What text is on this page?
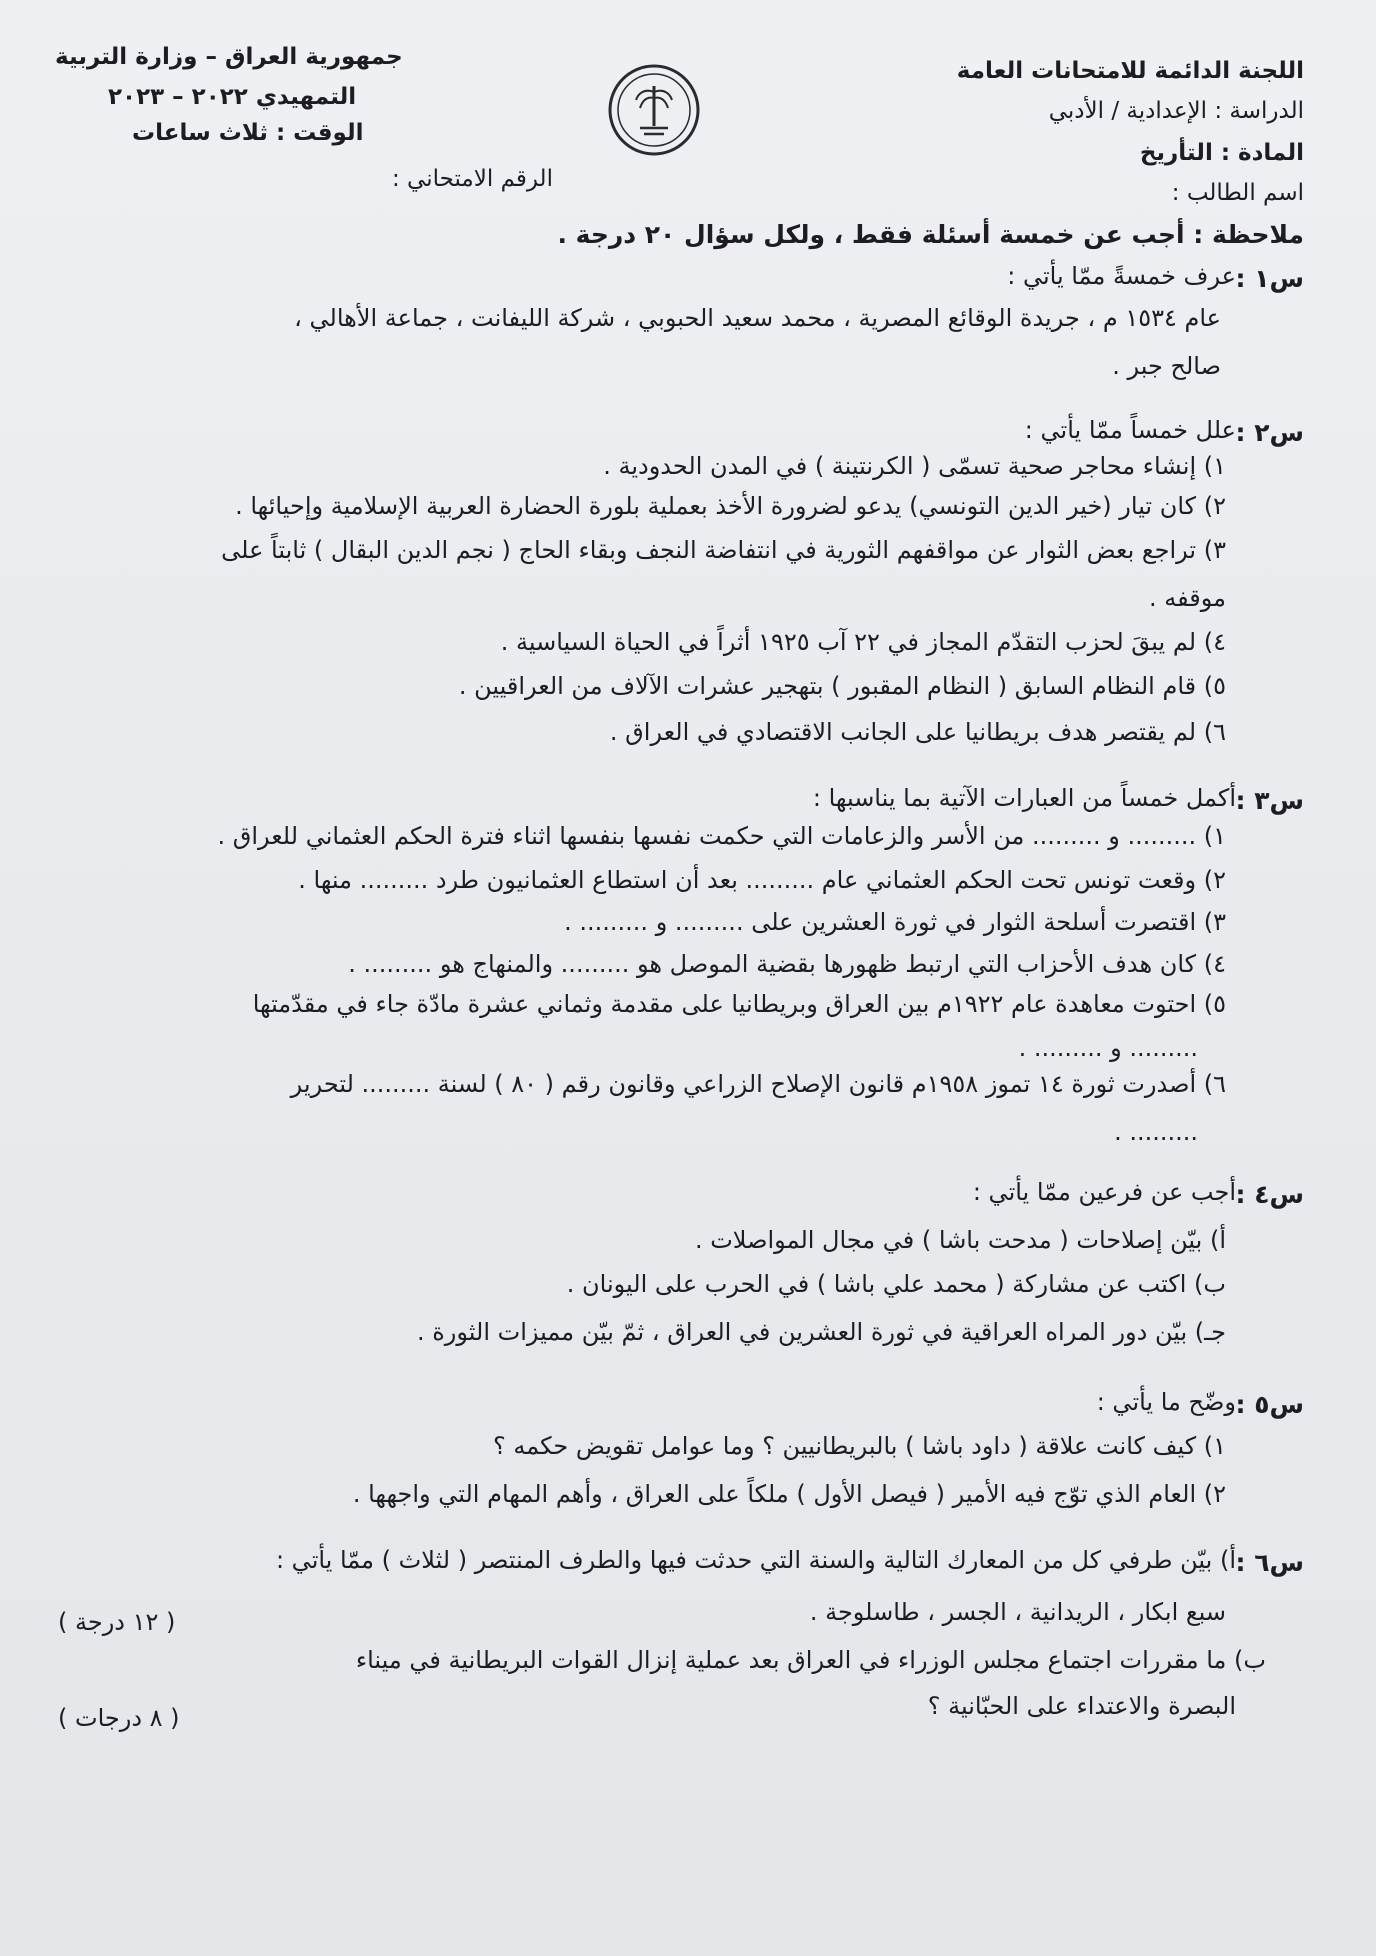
اللجنة الدائمة للامتحانات العامة
الدراسة : الإعدادية / الأدبي
المادة : التأريخ
اسم الطالب :
جمهورية العراق – وزارة التربية
التمهيدي ٢٠٢٢ – ٢٠٢٣
الوقت : ثلاث ساعات
الرقم الامتحاني :
ملاحظة : أجب عن خمسة أسئلة فقط ، ولكل سؤال ٢٠ درجة .
س١ :
عرف خمسةً ممّا يأتي :
عام ١٥٣٤ م ، جريدة الوقائع المصرية ، محمد سعيد الحبوبي ، شركة الليفانت ، جماعة الأهالي ،
صالح جبر .
س٢ :
علل خمساً ممّا يأتي :
١) إنشاء محاجر صحية تسمّى ( الكرنتينة ) في المدن الحدودية .
٢) كان تيار (خير الدين التونسي) يدعو لضرورة الأخذ بعملية بلورة الحضارة العربية الإسلامية وإحيائها .
٣) تراجع بعض الثوار عن مواقفهم الثورية في انتفاضة النجف وبقاء الحاج ( نجم الدين البقال ) ثابتاً على
موقفه .
٤) لم يبقَ لحزب التقدّم المجاز في ٢٢ آب ١٩٢٥ أثراً في الحياة السياسية .
٥) قام النظام السابق ( النظام المقبور ) بتهجير عشرات الآلاف من العراقيين .
٦) لم يقتصر هدف بريطانيا على الجانب الاقتصادي في العراق .
س٣ :
أكمل خمساً من العبارات الآتية بما يناسبها :
١) ......... و ......... من الأسر والزعامات التي حكمت نفسها بنفسها اثناء فترة الحكم العثماني للعراق .
٢) وقعت تونس تحت الحكم العثماني عام ......... بعد أن استطاع العثمانيون طرد ......... منها .
٣) اقتصرت أسلحة الثوار في ثورة العشرين على ......... و ......... .
٤) كان هدف الأحزاب التي ارتبط ظهورها بقضية الموصل هو ......... والمنهاج هو ......... .
٥) احتوت معاهدة عام ١٩٢٢م بين العراق وبريطانيا على مقدمة وثماني عشرة مادّة جاء في مقدّمتها
......... و ......... .
٦) أصدرت ثورة ١٤ تموز ١٩٥٨م قانون الإصلاح الزراعي وقانون رقم ( ٨٠ ) لسنة ......... لتحرير
......... .
س٤ :
أجب عن فرعين ممّا يأتي :
أ) بيّن إصلاحات ( مدحت باشا ) في مجال المواصلات .
ب) اكتب عن مشاركة ( محمد علي باشا ) في الحرب على اليونان .
جـ) بيّن دور المراه العراقية في ثورة العشرين في العراق ، ثمّ بيّن مميزات الثورة .
س٥ :
وضّح ما يأتي :
١) كيف كانت علاقة ( داود باشا ) بالبريطانيين ؟ وما عوامل تقويض حكمه ؟
٢) العام الذي توّج فيه الأمير ( فيصل الأول ) ملكاً على العراق ، وأهم المهام التي واجهها .
س٦ :
أ) بيّن طرفي كل من المعارك التالية والسنة التي حدثت فيها والطرف المنتصر ( لثلاث ) ممّا يأتي :
سبع ابكار ، الريدانية ، الجسر ، طاسلوجة .
( ١٢ درجة )
ب) ما مقررات اجتماع مجلس الوزراء في العراق بعد عملية إنزال القوات البريطانية في ميناء
البصرة والاعتداء على الحبّانية ؟
( ٨ درجات )
